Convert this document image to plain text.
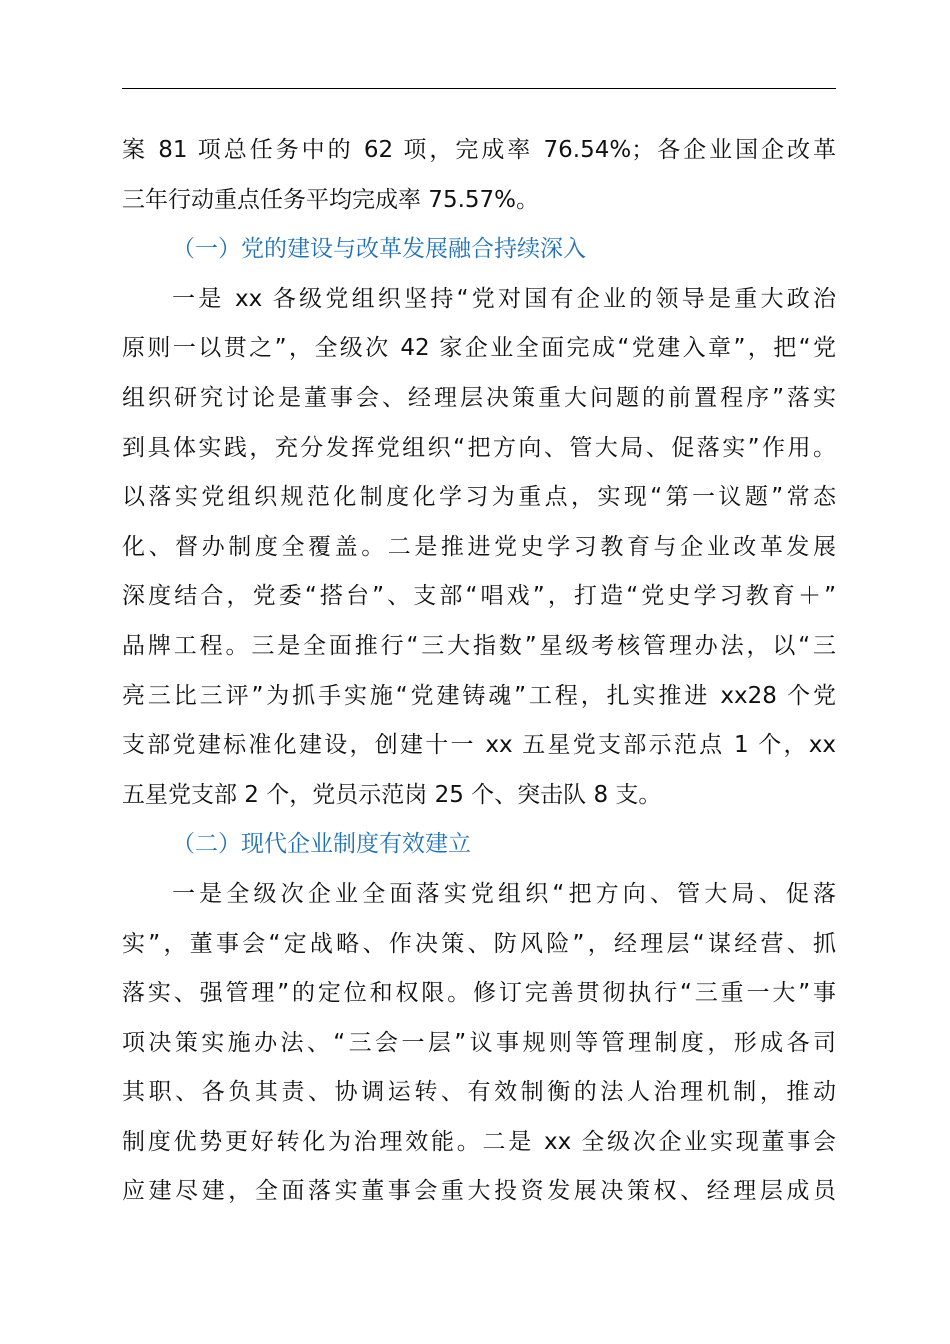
案 81 项总任务中的 62 项，完成率 76.54%；各企业国企改革
三年行动重点任务平均完成率 75.57%。
（一）党的建设与改革发展融合持续深入
一是 xx 各级党组织坚持“党对国有企业的领导是重大政治
原则一以贯之”，全级次 42 家企业全面完成“党建入章”，把“党
组织研究讨论是董事会、经理层决策重大问题的前置程序”落实
到具体实践，充分发挥党组织“把方向、管大局、促落实”作用。
以落实党组织规范化制度化学习为重点，实现“第一议题”常态
化、督办制度全覆盖。二是推进党史学习教育与企业改革发展
深度结合，党委“搭台”、支部“唱戏”，打造“党史学习教育＋”
品牌工程。三是全面推行“三大指数”星级考核管理办法，以“三
亮三比三评”为抓手实施“党建铸魂”工程，扎实推进 xx28 个党
支部党建标准化建设，创建十一 xx 五星党支部示范点 1 个，xx
五星党支部 2 个，党员示范岗 25 个、突击队 8 支。
（二）现代企业制度有效建立
一是全级次企业全面落实党组织“把方向、管大局、促落
实”，董事会“定战略、作决策、防风险”，经理层“谋经营、抓
落实、强管理”的定位和权限。修订完善贯彻执行“三重一大”事
项决策实施办法、“三会一层”议事规则等管理制度，形成各司
其职、各负其责、协调运转、有效制衡的法人治理机制，推动
制度优势更好转化为治理效能。二是 xx 全级次企业实现董事会
应建尽建，全面落实董事会重大投资发展决策权、经理层成员
